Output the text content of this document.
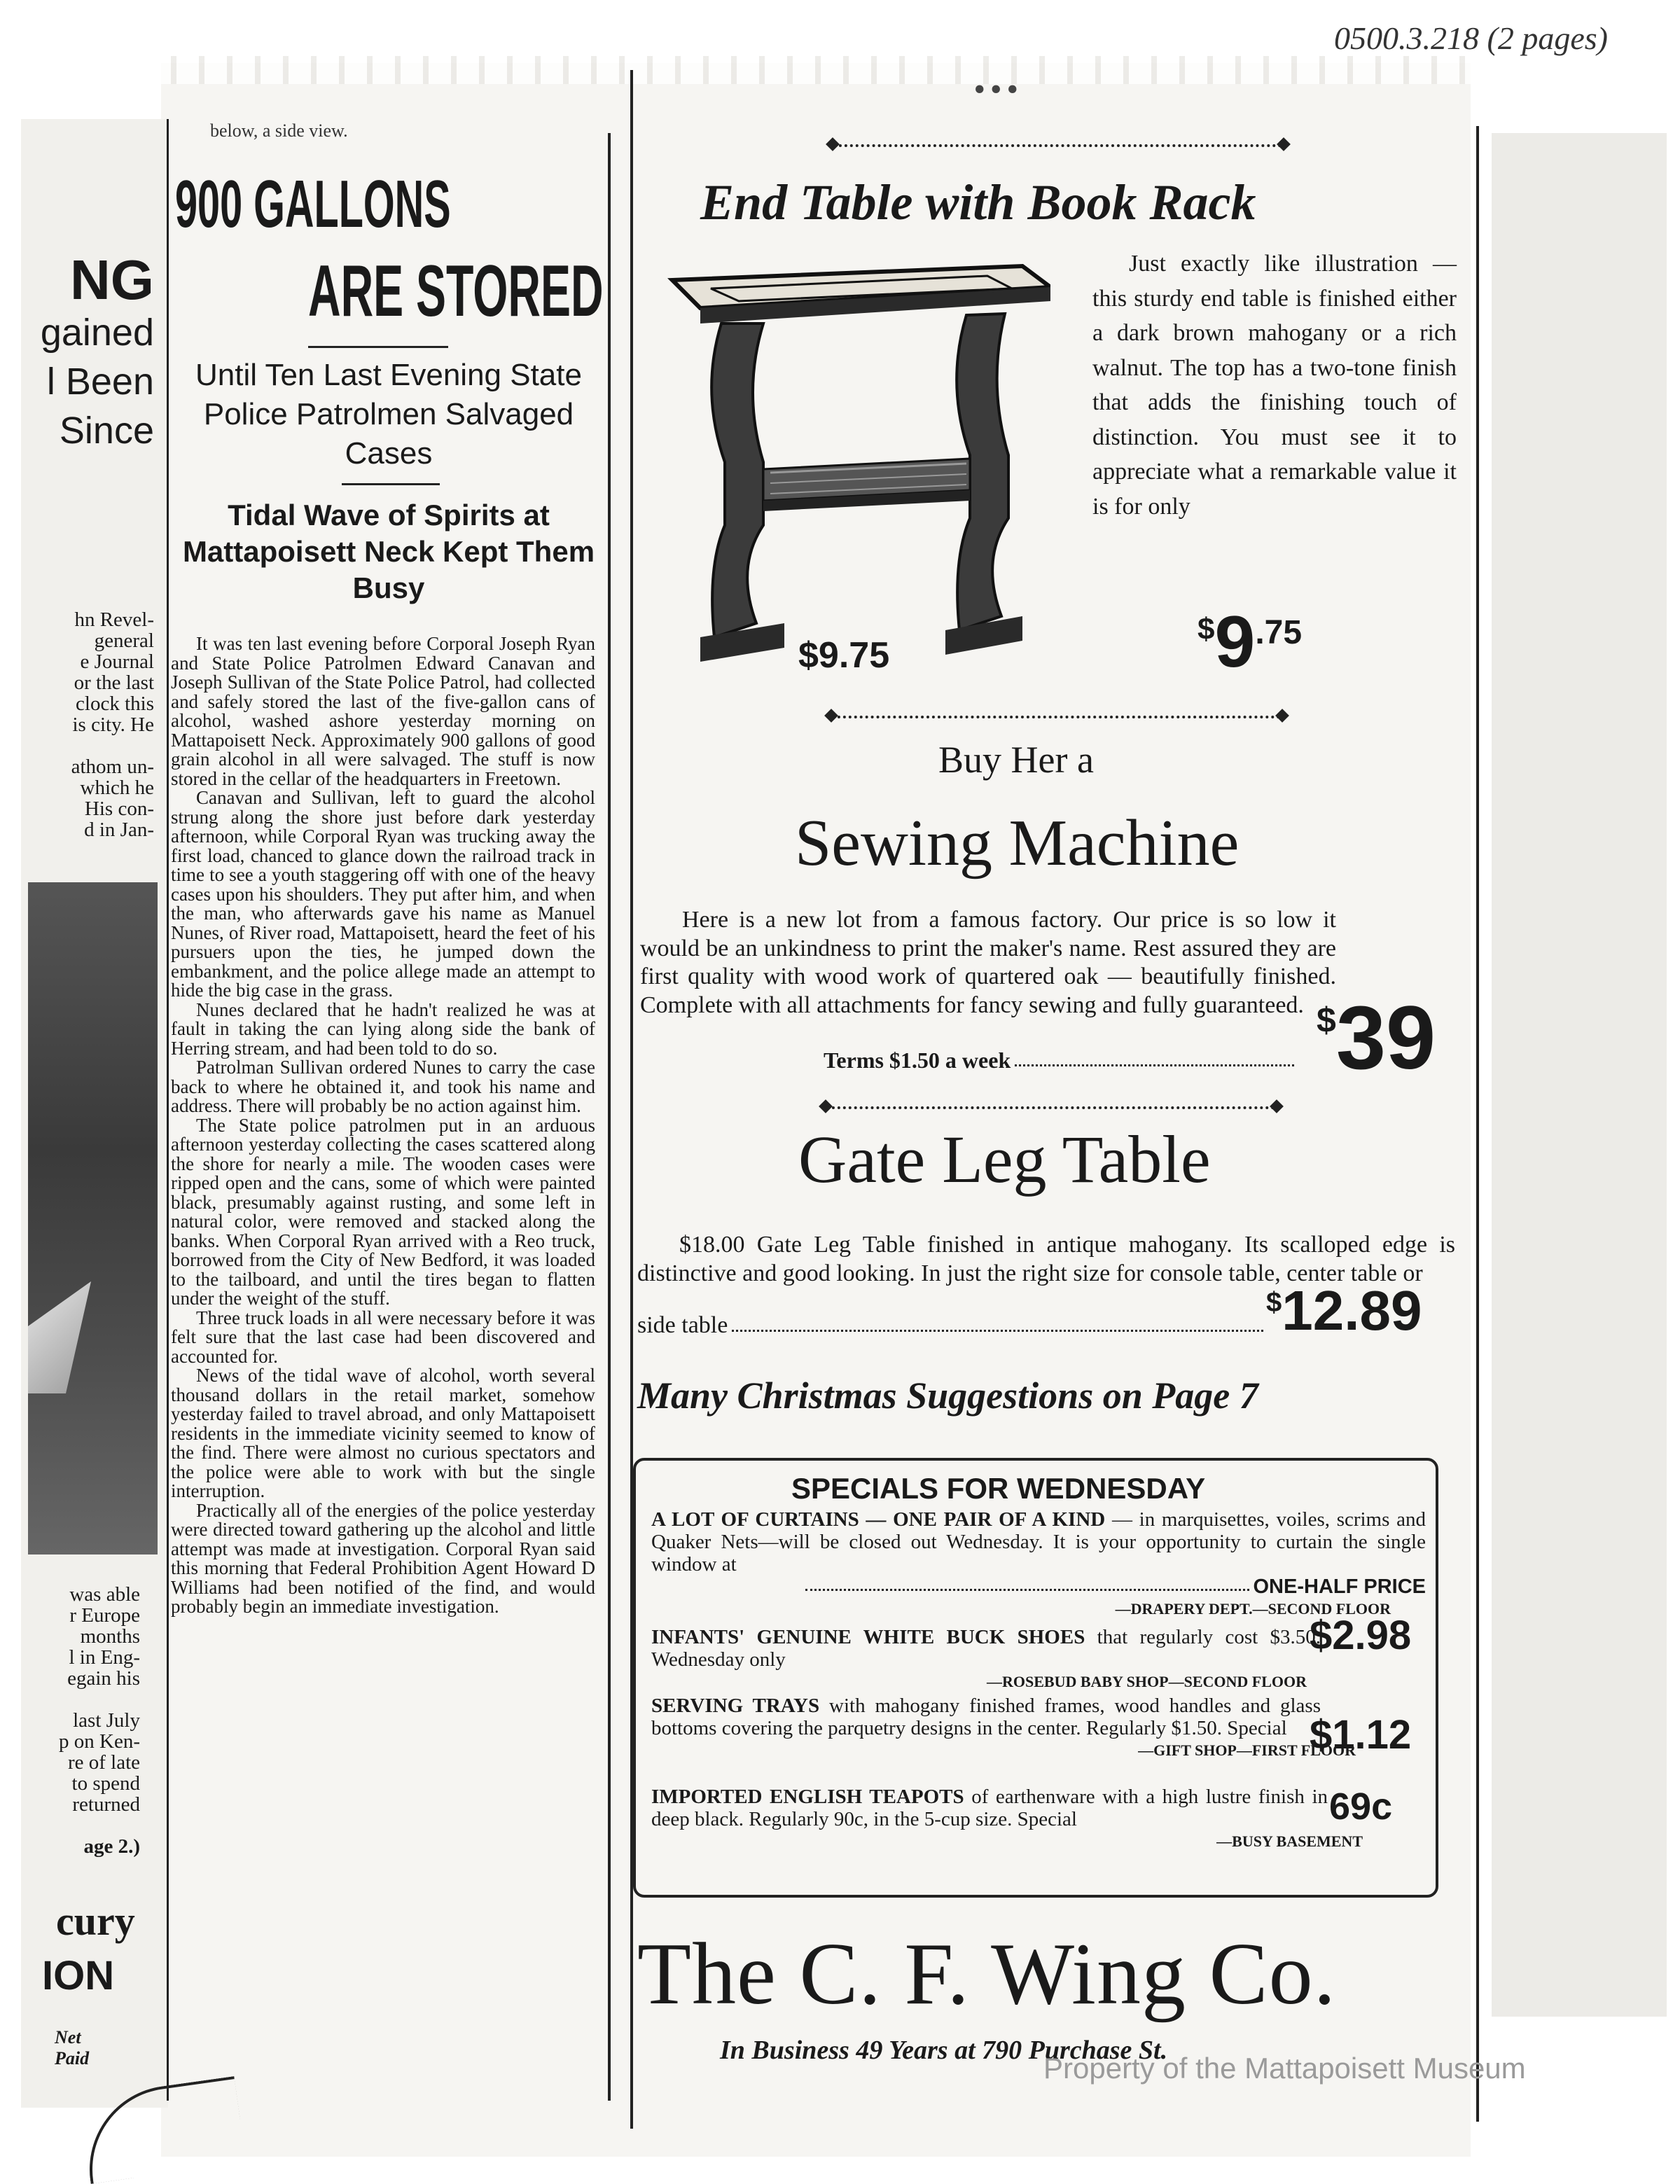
0500.3.218 (2 pages)
...
NG
gained
l Been
Since
hn Revel-
general
e Journal
or the last
clock this
is city. He
athom un-
which he
His con-
d in Jan-
was able
r Europe
months
l in Eng-
egain his
last July
p on Ken-
re of late
to spend
returned
age 2.)
cury
ION
Net Paid
below, a side view.
900 GALLONS
ARE STORED
Until Ten Last Evening State Police Patrolmen Salvaged Cases
Tidal Wave of Spirits at Mattapoisett Neck Kept Them Busy

It was ten last evening before Corporal Joseph Ryan and State Police Patrolmen Edward Canavan and Joseph Sullivan of the State Police Patrol, had collected and safely stored the last of the five-gallon cans of alcohol, washed ashore yesterday morning on Mattapoisett Neck. Approximately 900 gallons of good grain alcohol in all were salvaged. The stuff is now stored in the cellar of the headquarters in Freetown.

Canavan and Sullivan, left to guard the alcohol strung along the shore just before dark yesterday afternoon, while Corporal Ryan was trucking away the first load, chanced to glance down the railroad track in time to see a youth staggering off with one of the heavy cases upon his shoulders. They put after him, and when the man, who afterwards gave his name as Manuel Nunes, of River road, Mattapoisett, heard the feet of his pursuers upon the ties, he jumped down the embankment, and the police allege made an attempt to hide the big case in the grass.

Nunes declared that he hadn't realized he was at fault in taking the can lying along side the bank of Herring stream, and had been told to do so.

Patrolman Sullivan ordered Nunes to carry the case back to where he obtained it, and took his name and address. There will probably be no action against him.

The State police patrolmen put in an arduous afternoon yesterday collecting the cases scattered along the shore for nearly a mile. The wooden cases were ripped open and the cans, some of which were painted black, presumably against rusting, and some left in natural color, were removed and stacked along the banks. When Corporal Ryan arrived with a Reo truck, borrowed from the City of New Bedford, it was loaded to the tailboard, and until the tires began to flatten under the weight of the stuff.

Three truck loads in all were necessary before it was felt sure that the last case had been discovered and accounted for.

News of the tidal wave of alcohol, worth several thousand dollars in the retail market, somehow yesterday failed to travel abroad, and only Mattapoisett residents in the immediate vicinity seemed to know of the find. There were almost no curious spectators and the police were able to work with but the single interruption.

Practically all of the energies of the police yesterday were directed toward gathering up the alcohol and little attempt was made at investigation. Corporal Ryan said this morning that Federal Prohibition Agent Howard D Williams had been notified of the find, and would probably begin an immediate investigation.

End Table with Book Rack
$9.75
Just exactly like illustration — this sturdy end table is finished either a dark brown mahogany or a rich walnut. The top has a two-tone finish that adds the finishing touch of distinction. You must see it to appreciate what a remarkable value it is for only
$9.75
Buy Her a
Sewing Machine
Here is a new lot from a famous factory. Our price is so low it would be an unkindness to print the maker's name. Rest assured they are first quality with wood work of quartered oak — beautifully finished. Complete with all attachments for fancy sewing and fully guaranteed.
Terms $1.50 a week
$39
Gate Leg Table
$18.00 Gate Leg Table finished in antique mahogany. Its scalloped edge is distinctive and good looking. In just the right size for console table, center table or
side table
$12.89
Many Christmas Suggestions on Page 7
SPECIALS FOR WEDNESDAY
A LOT OF CURTAINS — ONE PAIR OF A KIND — in marquisettes, voiles, scrims and Quaker Nets—will be closed out Wednesday. It is your opportunity to curtain the single window at
ONE-HALF PRICE
—DRAPERY DEPT.—SECOND FLOOR
INFANTS' GENUINE WHITE BUCK SHOES that regularly cost $3.50. Wednesday only
—ROSEBUD BABY SHOP—SECOND FLOOR
$2.98
SERVING TRAYS with mahogany finished frames, wood handles and glass bottoms covering the parquetry designs in the center. Regularly $1.50. Special
—GIFT SHOP—FIRST FLOOR
$1.12
IMPORTED ENGLISH TEAPOTS of earthenware with a high lustre finish in deep black. Regularly 90c, in the 5-cup size. Special
—BUSY BASEMENT
69c
The C. F. Wing Co.
In Business 49 Years at 790 Purchase St.
Property of the Mattapoisett Museum
